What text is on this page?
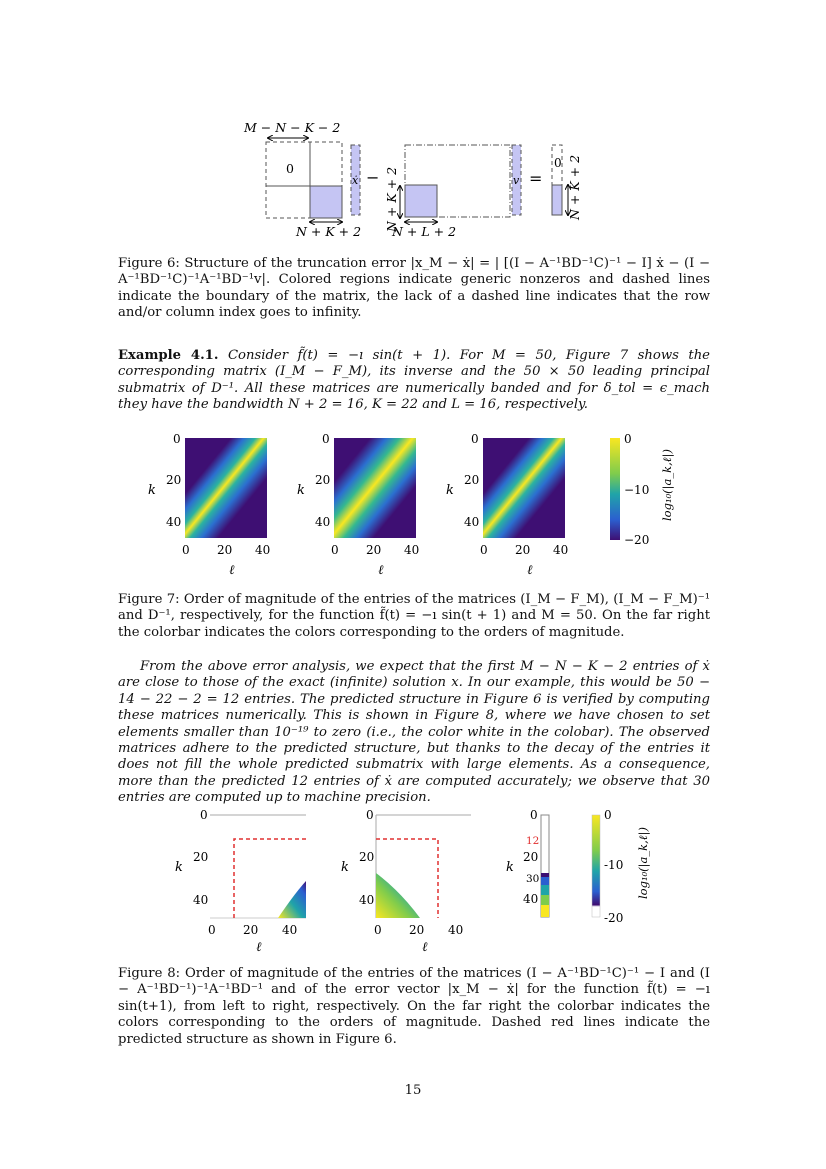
M − N − K − 2
0
N + K + 2
ẋ − N + K + 2
N + L + 2
v =
0 N + K + 2
Figure 6: Structure of the truncation error |x_M − ẋ| = | [(I − A⁻¹BD⁻¹C)⁻¹ − I] ẋ − (I − A⁻¹BD⁻¹C)⁻¹A⁻¹BD⁻¹v|. Colored regions indicate generic nonzeros and dashed lines indicate the boundary of the matrix, the lack of a dashed line indicates that the row and/or column index goes to infinity.
Example 4.1. Consider f̃(t) = −ı sin(t + 1). For M = 50, Figure 7 shows the corresponding matrix (I_M − F_M), its inverse and the 50 × 50 leading principal submatrix of D⁻¹. All these matrices are numerically banded and for δ_tol = ϵ_mach they have the bandwidth N + 2 = 16, K = 22 and L = 16, respectively.
k
0
20
40
0 20 40
ℓ
k
0
20
40
0 20 40
ℓ
k
0
20
40
0 20 40
ℓ
0
−10
−20
log₁₀(|a_k,ℓ|)
Figure 7: Order of magnitude of the entries of the matrices (I_M − F_M), (I_M − F_M)⁻¹ and D⁻¹, respectively, for the function f̃(t) = −ı sin(t + 1) and M = 50. On the far right the colorbar indicates the colors corresponding to the orders of magnitude.
From the above error analysis, we expect that the first M − N − K − 2 entries of ẋ are close to those of the exact (infinite) solution x. In our example, this would be 50 − 14 − 22 − 2 = 12 entries. The predicted structure in Figure 6 is verified by computing these matrices numerically. This is shown in Figure 8, where we have chosen to set elements smaller than 10⁻¹⁹ to zero (i.e., the color white in the colobar). The observed matrices adhere to the predicted structure, but thanks to the decay of the entries it does not fill the whole predicted submatrix with large elements. As a consequence, more than the predicted 12 entries of ẋ are computed accurately; we observe that 30 entries are computed up to machine precision.
k
0
20
40
0 20 40
ℓ
k
0
20
40
0 20 40
ℓ
k
0
12
20
30
40
0
-10
-20
log₁₀(|a_k,ℓ|)
Figure 8: Order of magnitude of the entries of the matrices (I − A⁻¹BD⁻¹C)⁻¹ − I and (I − A⁻¹BD⁻¹)⁻¹A⁻¹BD⁻¹ and of the error vector |x_M − ẋ| for the function f̃(t) = −ı sin(t+1), from left to right, respectively. On the far right the colorbar indicates the colors corresponding to the orders of magnitude. Dashed red lines indicate the predicted structure as shown in Figure 6.
15
